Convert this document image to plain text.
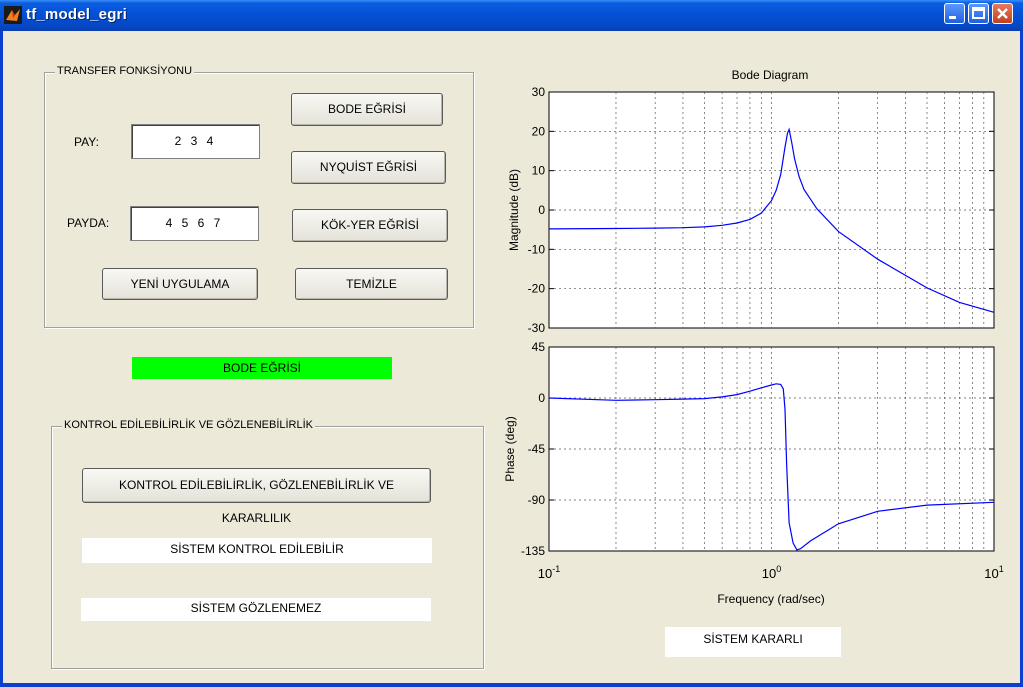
tf_model_egri
TRANSFER FONKSİYONU
PAY:	2 3 4
PAYDA:	4 5 6 7
BODE EĞRİSİ
NYQUİST EĞRİSİ
KÖK-YER EĞRİSİ
YENİ UYGULAMA	TEMİZLE
BODE EĞRİSİ
KONTROL EDİLEBİLİRLİK VE GÖZLENEBİLİRLİK
KONTROL EDİLEBİLİRLİK, GÖZLENEBİLİRLİK VE KARARLILIK
SİSTEM KONTROL EDİLEBİLİR
SİSTEM GÖZLENEMEZ
SİSTEM KARARLI
Bode Diagram
30
20
10
0
-10
-20
-30
Magnitude (dB)
45
0
-45
-90
-135
Phase (deg)
$10^{-1}$	$10^0$	$10^1$
Frequency (rad/sec)
